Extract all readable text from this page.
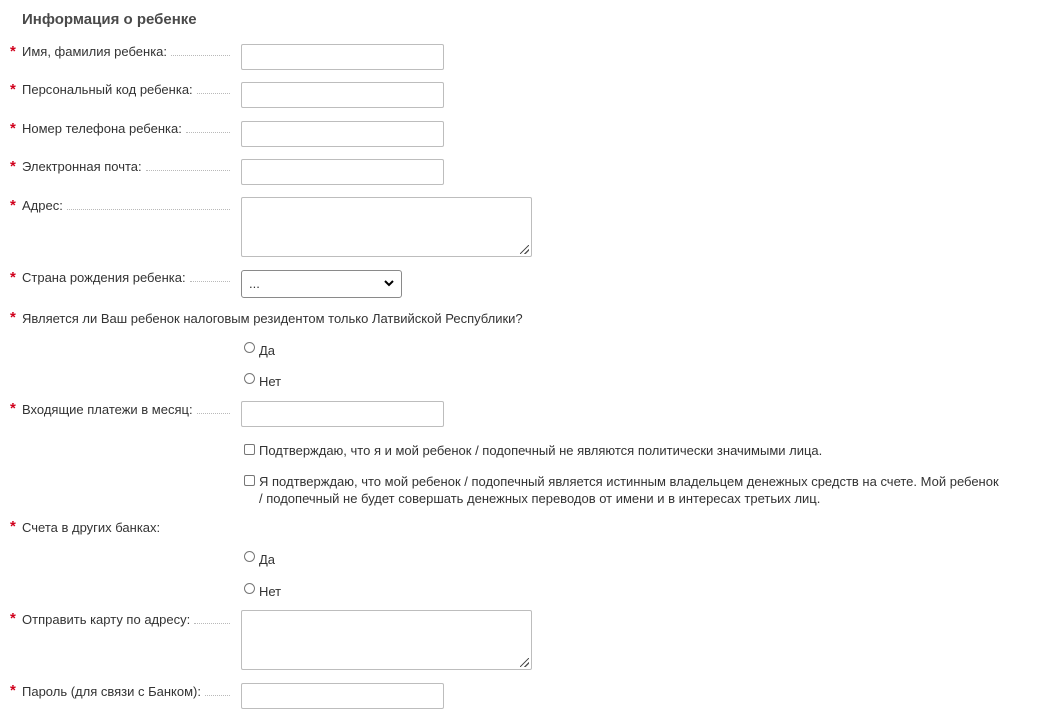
Информация о ребенке
* Имя, фамилия ребенка:
* Персональный код ребенка:
* Номер телефона ребенка:
* Электронная почта:
* Адрес:
* Страна рождения ребенка:	...
* Является ли Ваш ребенок налоговым резидентом только Латвийской Республики?
Да
Нет
* Входящие платежи в месяц:
Подтверждаю, что я и мой ребенок / подопечный не являются политически значимыми лица.
Я подтверждаю, что мой ребенок / подопечный является истинным владельцем денежных средств на счете. Мой ребенок / подопечный не будет совершать денежных переводов от имени и в интересах третьих лиц.
* Счета в других банках:
Да
Нет
* Отправить карту по адресу:
* Пароль (для связи с Банком):
